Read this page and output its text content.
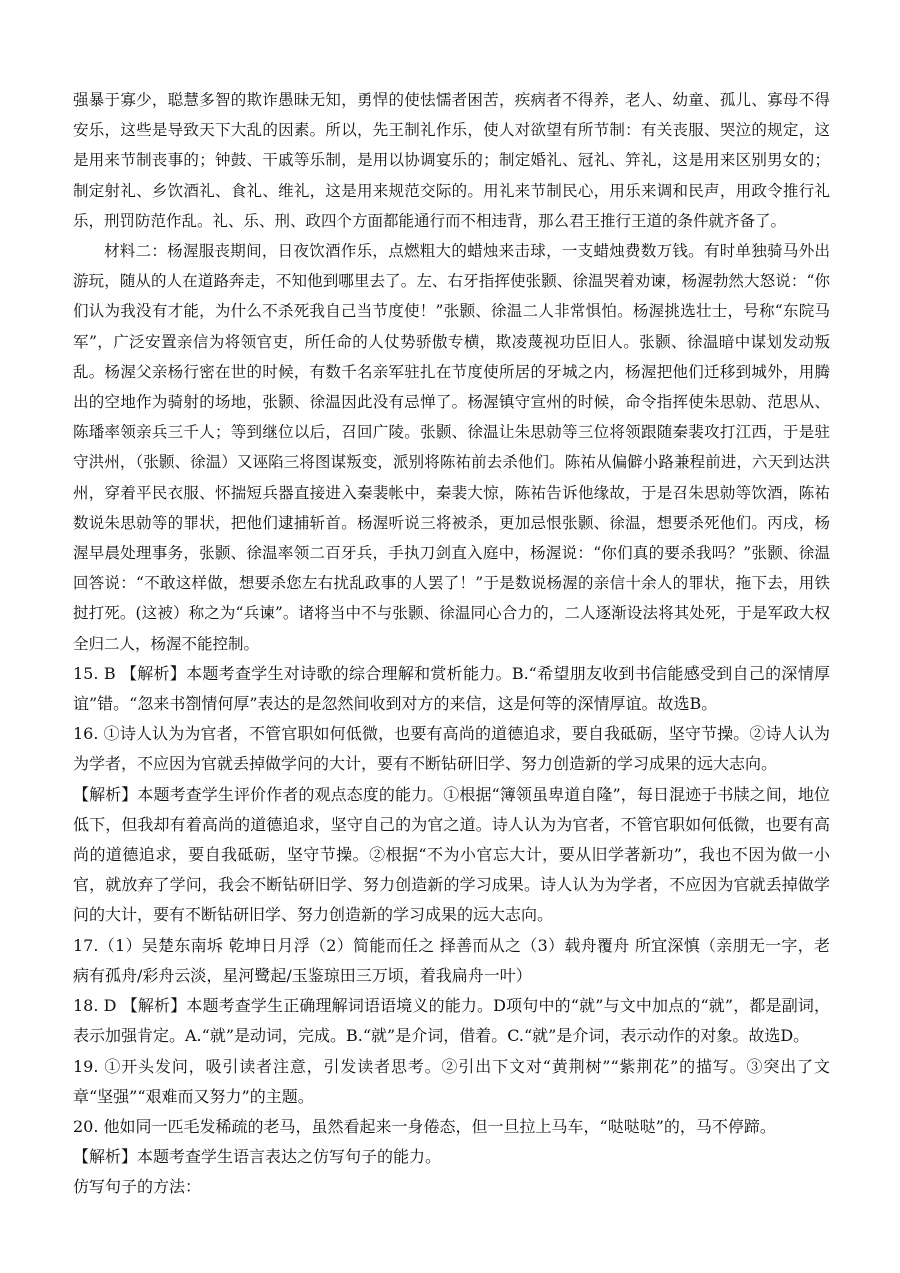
强暴于寡少，聪慧多智的欺诈愚昧无知，勇悍的使怯懦者困苦，疾病者不得养，老人、幼童、孤儿、寡母不得安乐，这些是导致天下大乱的因素。所以，先王制礼作乐，使人对欲望有所节制：有关丧服、哭泣的规定，这是用来节制丧事的；钟鼓、干戚等乐制，是用以协调宴乐的；制定婚礼、冠礼、笄礼，这是用来区别男女的；制定射礼、乡饮酒礼、食礼、维礼，这是用来规范交际的。用礼来节制民心，用乐来调和民声，用政令推行礼乐，刑罚防范作乱。礼、乐、刑、政四个方面都能通行而不相违背，那么君王推行王道的条件就齐备了。

材料二：杨渥服丧期间，日夜饮酒作乐，点燃粗大的蜡烛来击球，一支蜡烛费数万钱。有时单独骑马外出游玩，随从的人在道路奔走，不知他到哪里去了。左、右牙指挥使张颢、徐温哭着劝谏，杨渥勃然大怒说：“你们认为我没有才能，为什么不杀死我自己当节度使！”张颢、徐温二人非常惧怕。杨渥挑选壮士，号称“东院马军”，广泛安置亲信为将领官吏，所任命的人仗势骄傲专横，欺凌蔑视功臣旧人。张颢、徐温暗中谋划发动叛乱。杨渥父亲杨行密在世的时候，有数千名亲军驻扎在节度使所居的牙城之内，杨渥把他们迁移到城外，用腾出的空地作为骑射的场地，张颢、徐温因此没有忌惮了。杨渥镇守宣州的时候，命令指挥使朱思勍、范思从、陈璠率领亲兵三千人；等到继位以后，召回广陵。张颢、徐温让朱思勍等三位将领跟随秦裴攻打江西，于是驻守洪州，（张颢、徐温）又诬陷三将图谋叛变，派别将陈祐前去杀他们。陈祐从偏僻小路兼程前进，六天到达洪州，穿着平民衣服、怀揣短兵器直接进入秦裴帐中，秦裴大惊，陈祐告诉他缘故，于是召朱思勍等饮酒，陈祐数说朱思勍等的罪状，把他们逮捕斩首。杨渥听说三将被杀，更加忌恨张颢、徐温，想要杀死他们。丙戌，杨渥早晨处理事务，张颢、徐温率领二百牙兵，手执刀剑直入庭中，杨渥说：“你们真的要杀我吗？”张颢、徐温回答说：“不敢这样做，想要杀您左右扰乱政事的人罢了！”于是数说杨渥的亲信十余人的罪状，拖下去，用铁挝打死。(这被）称之为“兵谏”。诸将当中不与张颢、徐温同心合力的，二人逐渐设法将其处死，于是军政大权全归二人，杨渥不能控制。

15. B 【解析】本题考查学生对诗歌的综合理解和赏析能力。B.“希望朋友收到书信能感受到自己的深情厚谊”错。“忽来书劄情何厚”表达的是忽然间收到对方的来信，这是何等的深情厚谊。故选B。

16. ①诗人认为为官者，不管官职如何低微，也要有高尚的道德追求，要自我砥砺，坚守节操。②诗人认为为学者，不应因为官就丢掉做学问的大计，要有不断钻研旧学、努力创造新的学习成果的远大志向。

【解析】本题考查学生评价作者的观点态度的能力。①根据“簿领虽卑道自隆”，每日混迹于书牍之间，地位低下，但我却有着高尚的道德追求，坚守自己的为官之道。诗人认为为官者，不管官职如何低微，也要有高尚的道德追求，要自我砥砺，坚守节操。②根据“不为小官忘大计，要从旧学著新功”，我也不因为做一小官，就放弃了学问，我会不断钻研旧学、努力创造新的学习成果。诗人认为为学者，不应因为官就丢掉做学问的大计，要有不断钻研旧学、努力创造新的学习成果的远大志向。

17.（1）吴楚东南坼 乾坤日月浮（2）简能而任之 择善而从之（3）载舟覆舟 所宜深慎（亲朋无一字，老病有孤舟/彩舟云淡，星河鹭起/玉鉴琼田三万顷，着我扁舟一叶）

18. D 【解析】本题考查学生正确理解词语语境义的能力。D项句中的“就”与文中加点的“就”，都是副词，表示加强肯定。A.“就”是动词，完成。B.“就”是介词，借着。C.“就”是介词，表示动作的对象。故选D。

19. ①开头发问，吸引读者注意，引发读者思考。②引出下文对“黄荆树”“紫荆花”的描写。③突出了文章“坚强”“艰难而又努力”的主题。

20. 他如同一匹毛发稀疏的老马，虽然看起来一身倦态，但一旦拉上马车，“哒哒哒”的，马不停蹄。

【解析】本题考查学生语言表达之仿写句子的能力。

仿写句子的方法：
